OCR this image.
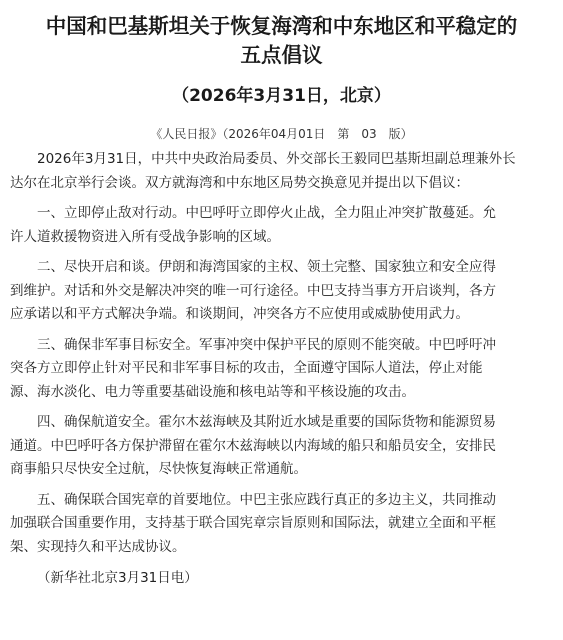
中国和巴基斯坦关于恢复海湾和中东地区和平稳定的
五点倡议
（2026年3月31日，北京）
《人民日报》（2026年04月01日　第　03　版）

2026年3月31日，中共中央政治局委员、外交部长王毅同巴基斯坦副总理兼外长
达尔在北京举行会谈。双方就海湾和中东地区局势交换意见并提出以下倡议：

一、立即停止敌对行动。中巴呼吁立即停火止战，全力阻止冲突扩散蔓延。允
许人道救援物资进入所有受战争影响的区域。

二、尽快开启和谈。伊朗和海湾国家的主权、领土完整、国家独立和安全应得
到维护。对话和外交是解决冲突的唯一可行途径。中巴支持当事方开启谈判，各方
应承诺以和平方式解决争端。和谈期间，冲突各方不应使用或威胁使用武力。

三、确保非军事目标安全。军事冲突中保护平民的原则不能突破。中巴呼吁冲
突各方立即停止针对平民和非军事目标的攻击，全面遵守国际人道法，停止对能
源、海水淡化、电力等重要基础设施和核电站等和平核设施的攻击。

四、确保航道安全。霍尔木兹海峡及其附近水域是重要的国际货物和能源贸易
通道。中巴呼吁各方保护滞留在霍尔木兹海峡以内海域的船只和船员安全，安排民
商事船只尽快安全过航，尽快恢复海峡正常通航。

五、确保联合国宪章的首要地位。中巴主张应践行真正的多边主义，共同推动
加强联合国重要作用，支持基于联合国宪章宗旨原则和国际法，就建立全面和平框
架、实现持久和平达成协议。

（新华社北京3月31日电）
